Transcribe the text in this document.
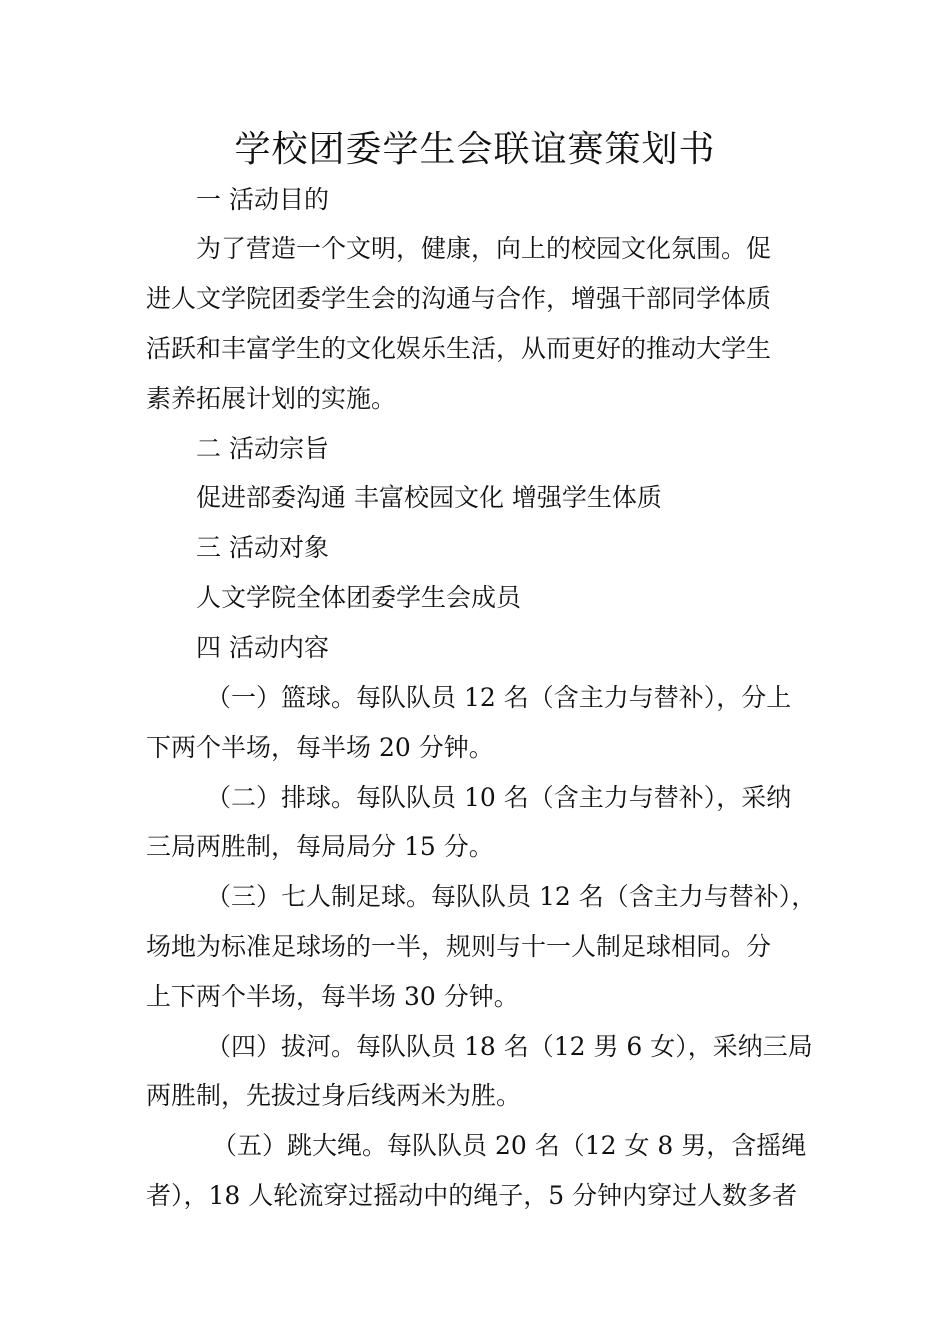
学校团委学生会联谊赛策划书
一 活动目的
为了营造一个文明，健康，向上的校园文化氛围。促
进人文学院团委学生会的沟通与合作，增强干部同学体质
活跃和丰富学生的文化娱乐生活，从而更好的推动大学生
素养拓展计划的实施。
二 活动宗旨
促进部委沟通 丰富校园文化 增强学生体质
三 活动对象
人文学院全体团委学生会成员
四 活动内容
（一）篮球。每队队员 12 名（含主力与替补），分上
下两个半场，每半场 20 分钟。
（二）排球。每队队员 10 名（含主力与替补），采纳
三局两胜制，每局局分 15 分。
（三）七人制足球。每队队员 12 名（含主力与替补），
场地为标准足球场的一半，规则与十一人制足球相同。分
上下两个半场，每半场 30 分钟。
（四）拔河。每队队员 18 名（12 男 6 女），采纳三局
两胜制，先拔过身后线两米为胜。
（五）跳大绳。每队队员 20 名（12 女 8 男，含摇绳
者），18 人轮流穿过摇动中的绳子，5 分钟内穿过人数多者
